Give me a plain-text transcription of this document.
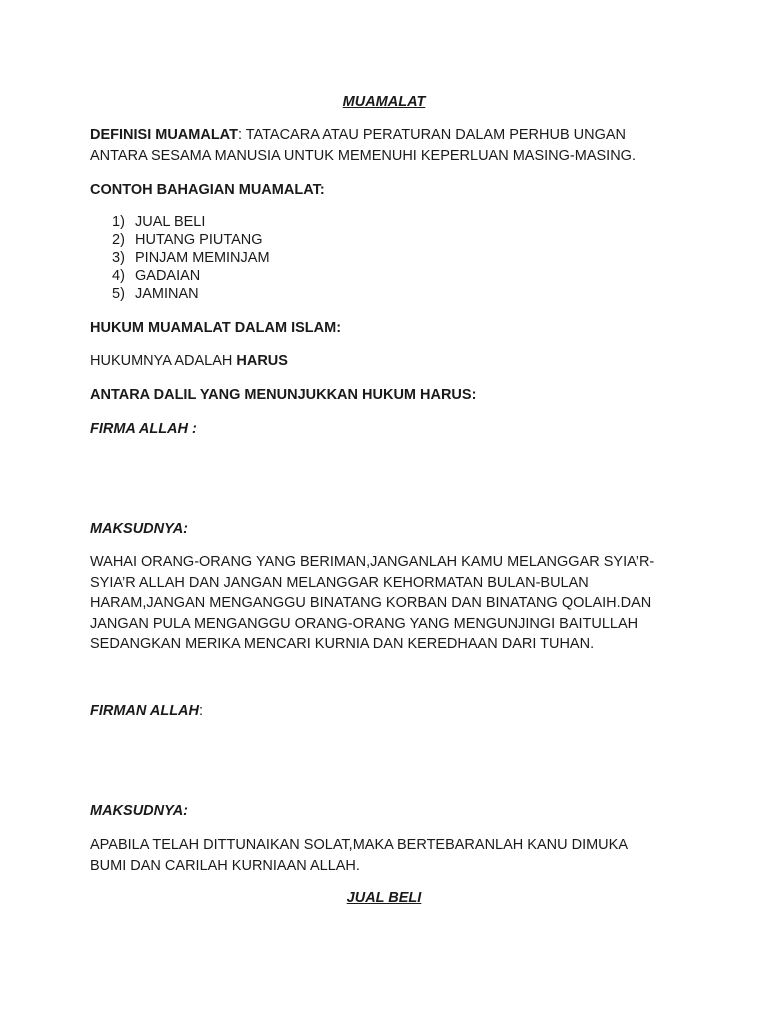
MUAMALAT
DEFINISI MUAMALAT: TATACARA ATAU PERATURAN DALAM PERHUB UNGAN
ANTARA SESAMA MANUSIA UNTUK MEMENUHI KEPERLUAN MASING-MASING.
CONTOH BAHAGIAN MUAMALAT:
1) JUAL BELI
2) HUTANG PIUTANG
3) PINJAM MEMINJAM
4) GADAIAN
5) JAMINAN
HUKUM MUAMALAT DALAM ISLAM:
HUKUMNYA ADALAH HARUS
ANTARA DALIL YANG MENUNJUKKAN HUKUM HARUS:
FIRMA ALLAH :
MAKSUDNYA:
WAHAI ORANG-ORANG YANG BERIMAN,JANGANLAH KAMU MELANGGAR SYIA’R-
SYIA’R ALLAH DAN JANGAN MELANGGAR KEHORMATAN BULAN-BULAN
HARAM,JANGAN MENGANGGU BINATANG KORBAN DAN BINATANG QOLAIH.DAN
JANGAN PULA MENGANGGU ORANG-ORANG YANG MENGUNJINGI BAITULLAH
SEDANGKAN MERIKA MENCARI KURNIA DAN KEREDHAAN DARI TUHAN.
FIRMAN ALLAH:
MAKSUDNYA:
APABILA TELAH DITTUNAIKAN SOLAT,MAKA BERTEBARANLAH KANU DIMUKA
BUMI DAN CARILAH KURNIAAN ALLAH.
JUAL BELI
